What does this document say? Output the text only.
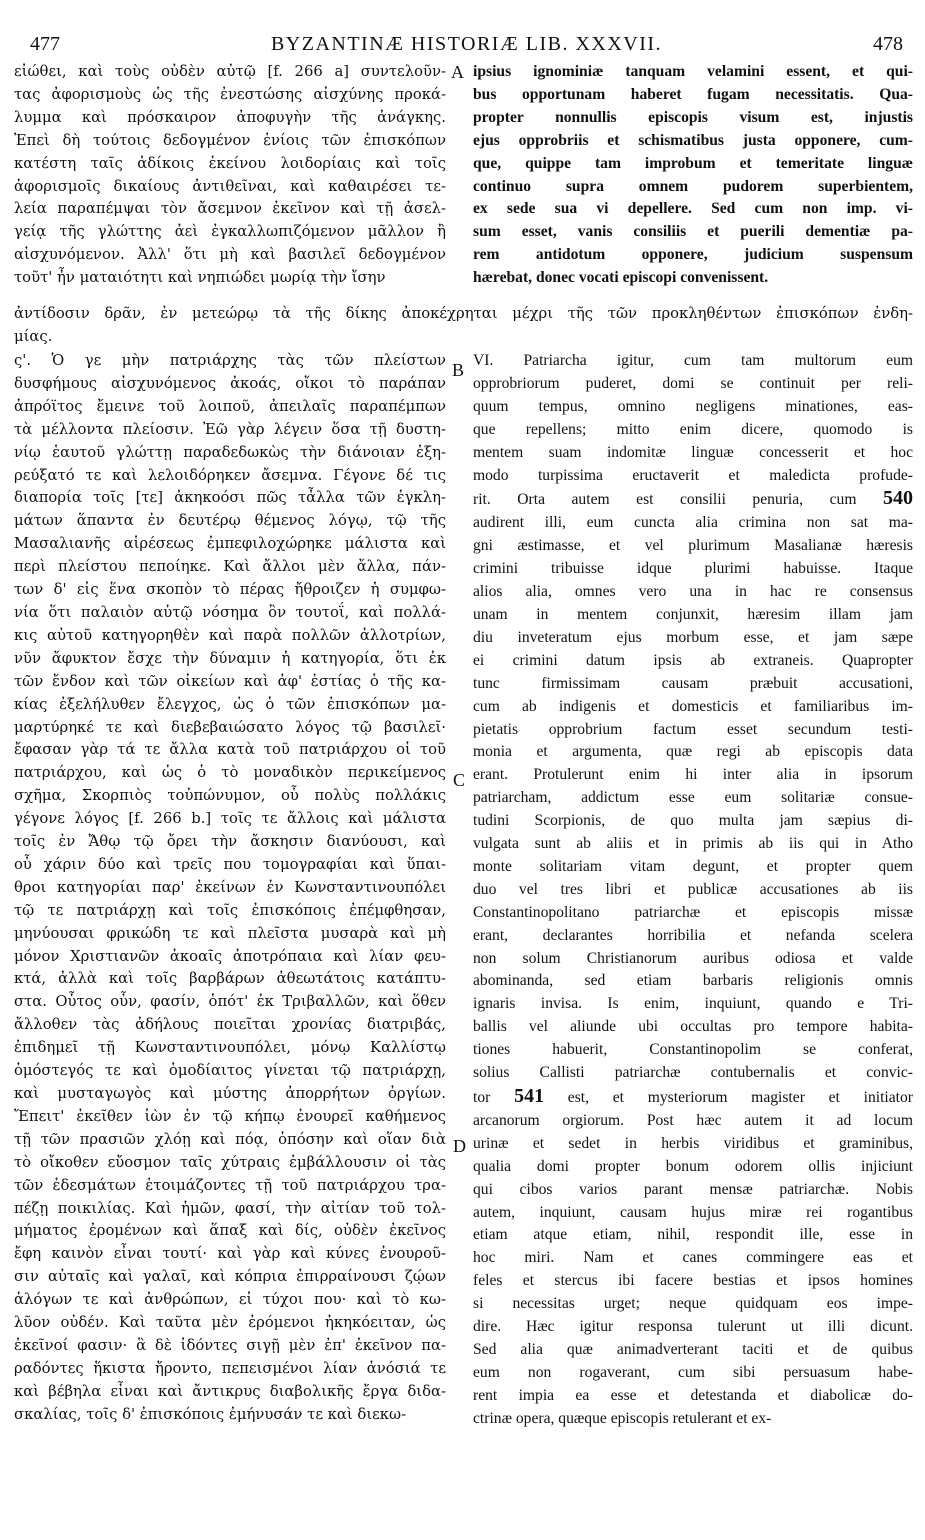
BYZANTINÆ HISTORIÆ LIB. XXXVII.
477	478
εἰώθει, καὶ τοὺς οὐδὲν αὐτῷ [f. 266 a] συντελοῦν-
τας ἀφορισμοὺς ὡς τῆς ἐνεστώσης αἰσχύνης προκά-
λυμμα καὶ πρόσκαιρον ἀποφυγὴν τῆς ἀνάγκης.
Ἐπεὶ δὴ τούτοις δεδογμένον ἐνίοις τῶν ἐπισκόπων
κατέστη ταῖς ἀδίκοις ἐκείνου λοιδορίαις καὶ τοῖς
ἀφορισμοῖς δικαίους ἀντιθεῖναι, καὶ καθαιρέσει τε-
λεία παραπέμψαι τὸν ἄσεμνον ἐκεῖνον καὶ τῇ ἀσελ-
γείᾳ τῆς γλώττης ἀεὶ ἐγκαλλωπιζόμενον μᾶλλον ἢ
αἰσχυνόμενον. Ἀλλ' ὅτι μὴ καὶ βασιλεῖ δεδογμένον
τοῦτ' ἦν ματαιότητι καὶ νηπιώδει μωρίᾳ τὴν ἴσην
ipsius ignominiæ tanquam velamini essent, et qui-
bus opportunam haberet fugam necessitatis. Qua-
propter nonnullis episcopis visum est, injustis
ejus opprobriis et schismatibus justa opponere, cum-
que, quippe tam improbum et temeritate linguæ
continuo supra omnem pudorem superbientem,
ex sede sua vi depellere. Sed cum non imp. vi-
sum esset, vanis consiliis et puerili dementiæ pa-
rem antidotum opponere, judicium suspensum
hærebat, donec vocati episcopi convenissent.
ἀντίδοσιν δρᾶν, ἐν μετεώρῳ τὰ τῆς δίκης ἀποκέχρηται μέχρι τῆς τῶν προκληθέντων ἐπισκόπων ἐνδη-
μίας.
ς'. Ὁ γε μὴν πατριάρχης τὰς τῶν πλείστων
δυσφήμους αἰσχυνόμενος ἀκοάς, οἴκοι τὸ παράπαν
ἀπρόϊτος ἔμεινε τοῦ λοιποῦ, ἀπειλαῖς παραπέμπων
τὰ μέλλοντα πλείοσιν. Ἐῶ γὰρ λέγειν ὅσα τῇ δυστη-
νίῳ ἑαυτοῦ γλώττῃ παραδεδωκὼς τὴν διάνοιαν ἐξη-
ρεύξατό τε καὶ λελοιδόρηκεν ἄσεμνα. Γέγονε δέ τις
διαπορία τοῖς [τε] ἀκηκοόσι πῶς τἆλλα τῶν ἐγκλη-
μάτων ἅπαντα ἐν δευτέρῳ θέμενος λόγῳ, τῷ τῆς
Μασαλιανῆς αἱρέσεως ἐμπεφιλοχώρηκε μάλιστα καὶ
περὶ πλείστου πεποίηκε. Καὶ ἄλλοι μὲν ἄλλα, πάν-
των δ' εἰς ἕνα σκοπὸν τὸ πέρας ἤθροιζεν ἡ συμφω-
νία ὅτι παλαιὸν αὐτῷ νόσημα ὂν τουτοΐ, καὶ πολλά-
κις αὐτοῦ κατηγορηθὲν καὶ παρὰ πολλῶν ἀλλοτρίων,
νῦν ἄφυκτον ἔσχε τὴν δύναμιν ἡ κατηγορία, ὅτι ἐκ
τῶν ἔνδον καὶ τῶν οἰκείων καὶ ἀφ' ἑστίας ὁ τῆς κα-
κίας ἐξελήλυθεν ἔλεγχος, ὡς ὁ τῶν ἐπισκόπων μα-
μαρτύρηκέ τε καὶ διεβεβαιώσατο λόγος τῷ βασιλεῖ·
ἔφασαν γὰρ τά τε ἄλλα κατὰ τοῦ πατριάρχου οἱ τοῦ
πατριάρχου, καὶ ὡς ὁ τὸ μοναδικὸν περικείμενος
σχῆμα, Σκορπιὸς τοὐπώνυμον, οὗ πολὺς πολλάκις
γέγονε λόγος [f. 266 b.] τοῖς τε ἄλλοις καὶ μάλιστα
τοῖς ἐν Ἄθῳ τῷ ὄρει τὴν ἄσκησιν διανύουσι, καὶ
οὗ χάριν δύο καὶ τρεῖς που τομογραφίαι καὶ ὕπαι-
θροι κατηγορίαι παρ' ἐκείνων ἐν Κωνσταντινουπόλει
τῷ τε πατριάρχῃ καὶ τοῖς ἐπισκόποις ἐπέμφθησαν,
μηνύουσαι φρικώδη τε καὶ πλεῖστα μυσαρὰ καὶ μὴ
μόνον Χριστιανῶν ἀκοαῖς ἀποτρόπαια καὶ λίαν φευ-
κτά, ἀλλὰ καὶ τοῖς βαρβάρων ἀθεωτάτοις κατάπτυ-
στα. Οὗτος οὖν, φασίν, ὁπότ' ἐκ Τριβαλλῶν, καὶ ὅθεν
ἄλλοθεν τὰς ἀδήλους ποιεῖται χρονίας διατριβάς,
ἐπιδημεῖ τῇ Κωνσταντινουπόλει, μόνῳ Καλλίστῳ
ὁμόστεγός τε καὶ ὁμοδίαιτος γίνεται τῷ πατριάρχῃ,
καὶ μυσταγωγὸς καὶ μύστης ἀπορρήτων ὀργίων.
Ἔπειτ' ἐκεῖθεν ἰὼν ἐν τῷ κήπῳ ἐνουρεῖ καθήμενος
τῇ τῶν πρασιῶν χλόῃ καὶ πόᾳ, ὁπόσην καὶ οἵαν διὰ
τὸ οἴκοθεν εὔοσμον ταῖς χύτραις ἐμβάλλουσιν οἱ τὰς
τῶν ἐδεσμάτων ἑτοιμάζοντες τῇ τοῦ πατριάρχου τρα-
πέζῃ ποικιλίας. Καὶ ἡμῶν, φασί, τὴν αἰτίαν τοῦ τολ-
μήματος ἐρομένων καὶ ἅπαξ καὶ δίς, οὐδὲν ἐκεῖνος
ἔφη καινὸν εἶναι τουτί· καὶ γὰρ καὶ κύνες ἐνουροῦ-
σιν αὐταῖς καὶ γαλαῖ, καὶ κόπρια ἐπιρραίνουσι ζῴων
ἀλόγων τε καὶ ἀνθρώπων, εἰ τύχοι που· καὶ τὸ κω-
λῦον οὐδέν. Καὶ ταῦτα μὲν ἐρόμενοι ἠκηκόειταν, ὡς
ἐκεῖνοί φασιν· ἃ δὲ ἰδόντες σιγῇ μὲν ἐπ' ἐκεῖνον πα-
ραδόντες ἥκιστα ἤροντο, πεπεισμένοι λίαν ἀνόσιά τε
καὶ βέβηλα εἶναι καὶ ἄντικρυς διαβολικῆς ἔργα διδα-
σκαλίας, τοῖς δ' ἐπισκόποις ἐμήνυσάν τε καὶ διεκω-
VI. Patriarcha igitur, cum tam multorum eum
opprobriorum puderet, domi se continuit per reli-
quum tempus, omnino negligens minationes, eas-
que repellens; mitto enim dicere, quomodo is
mentem suam indomitæ linguæ concesserit et hoc
modo turpissima eructaverit et maledicta profude-
rit. Orta autem est consilii penuria, cum 540
audirent illi, eum cuncta alia crimina non sat ma-
gni æstimasse, et vel plurimum Masalianæ hæresis
crimini tribuisse idque plurimi habuisse. Itaque
alios alia, omnes vero una in hac re consensus
unam in mentem conjunxit, hæresim illam jam
diu inveteratum ejus morbum esse, et jam sæpe
ei crimini datum ipsis ab extraneis. Quapropter
tunc firmissimam causam præbuit accusationi,
cum ab indigenis et domesticis et familiaribus im-
pietatis opprobrium factum esset secundum testi-
monia et argumenta, quæ regi ab episcopis data
erant. Protulerunt enim hi inter alia in ipsorum
patriarcham, addictum esse eum solitariæ consue-
tudini Scorpionis, de quo multa jam sæpius di-
vulgata sunt ab aliis et in primis ab iis qui in Atho
monte solitariam vitam degunt, et propter quem
duo vel tres libri et publicæ accusationes ab iis
Constantinopolitano patriarchæ et episcopis missæ
erant, declarantes horribilia et nefanda scelera
non solum Christianorum auribus odiosa et valde
abominanda, sed etiam barbaris religionis omnis
ignaris invisa. Is enim, inquiunt, quando e Tri-
ballis vel aliunde ubi occultas pro tempore habita-
tiones habuerit, Constantinopolim se conferat,
solius Callisti patriarchæ contubernalis et convic-
tor 541 est, et mysteriorum magister et initiator
arcanorum orgiorum. Post hæc autem it ad locum
urinæ et sedet in herbis viridibus et graminibus,
qualia domi propter bonum odorem ollis injiciunt
qui cibos varios parant mensæ patriarchæ. Nobis
autem, inquiunt, causam hujus miræ rei rogantibus
etiam atque etiam, nihil, respondit ille, esse in
hoc miri. Nam et canes commingere eas et
feles et stercus ibi facere bestias et ipsos homines
si necessitas urget; neque quidquam eos impe-
dire. Hæc igitur responsa tulerunt ut illi dicunt.
Sed alia quæ animadverterant taciti et de quibus
eum non rogaverant, cum sibi persuasum habe-
rent impia ea esse et detestanda et diabolicæ do-
ctrinæ opera, quæque episcopis retulerant et ex-
A
B
C
D
